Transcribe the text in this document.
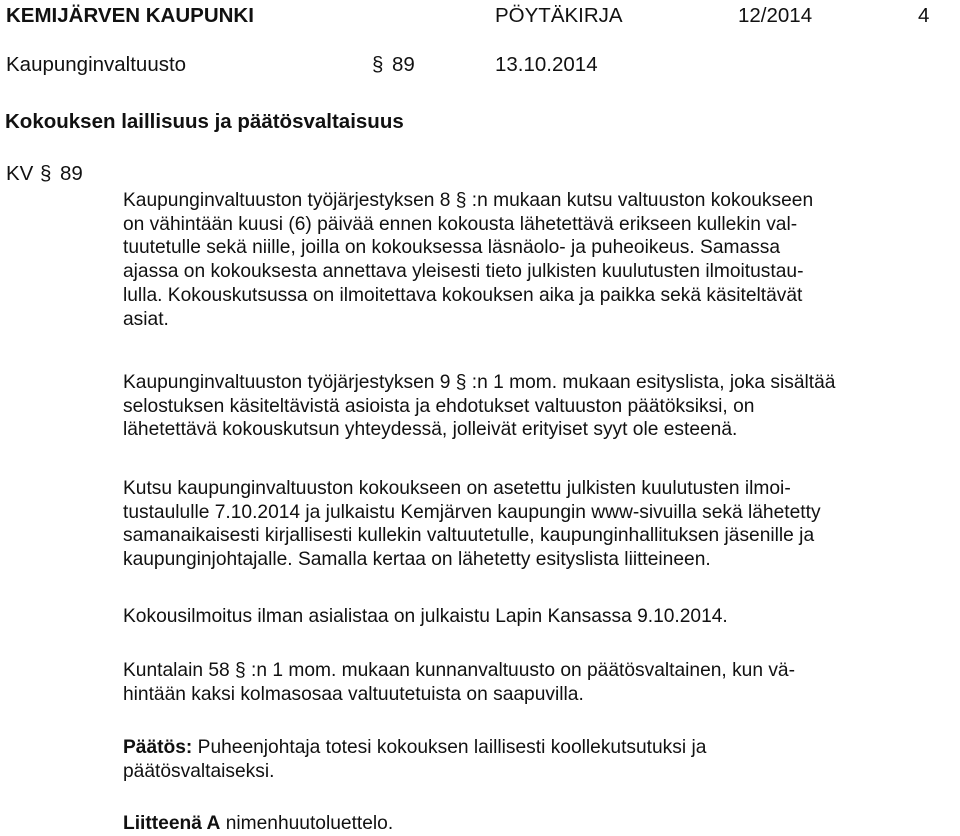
KEMIJÄRVEN KAUPUNKI	PÖYTÄKIRJA	12/2014	4
Kaupunginvaltuusto	§ 89	13.10.2014
Kokouksen laillisuus ja päätösvaltaisuus
KV § 89
Kaupunginvaltuuston työjärjestyksen 8 § :n mukaan kutsu valtuuston kokoukseen
on vähintään kuusi (6) päivää ennen kokousta lähetettävä erikseen kullekin val-
tuutetulle sekä niille, joilla on kokouksessa läsnäolo- ja puheoikeus. Samassa
ajassa on kokouksesta annettava yleisesti tieto julkisten kuulutusten ilmoitustau-
lulla. Kokouskutsussa on ilmoitettava kokouksen aika ja paikka sekä käsiteltävät
asiat.
Kaupunginvaltuuston työjärjestyksen 9 § :n 1 mom. mukaan esityslista, joka sisältää
selostuksen käsiteltävistä asioista ja ehdotukset valtuuston päätöksiksi, on
lähetettävä kokouskutsun yhteydessä, jolleivät erityiset syyt ole esteenä.
Kutsu kaupunginvaltuuston kokoukseen on asetettu julkisten kuulutusten ilmoi-
tustaululle 7.10.2014 ja julkaistu Kemjärven kaupungin www-sivuilla sekä lähetetty
samanaikaisesti kirjallisesti kullekin valtuutetulle, kaupunginhallituksen jäsenille ja
kaupunginjohtajalle. Samalla kertaa on lähetetty esityslista liitteineen.
Kokousilmoitus ilman asialistaa on julkaistu Lapin Kansassa 9.10.2014.
Kuntalain 58 § :n 1 mom. mukaan kunnanvaltuusto on päätösvaltainen, kun vä-
hintään kaksi kolmasosaa valtuutetuista on saapuvilla.
Päätös: Puheenjohtaja totesi kokouksen laillisesti koollekutsutuksi ja
päätösvaltaiseksi.
Liitteenä A nimenhuutoluettelo.
